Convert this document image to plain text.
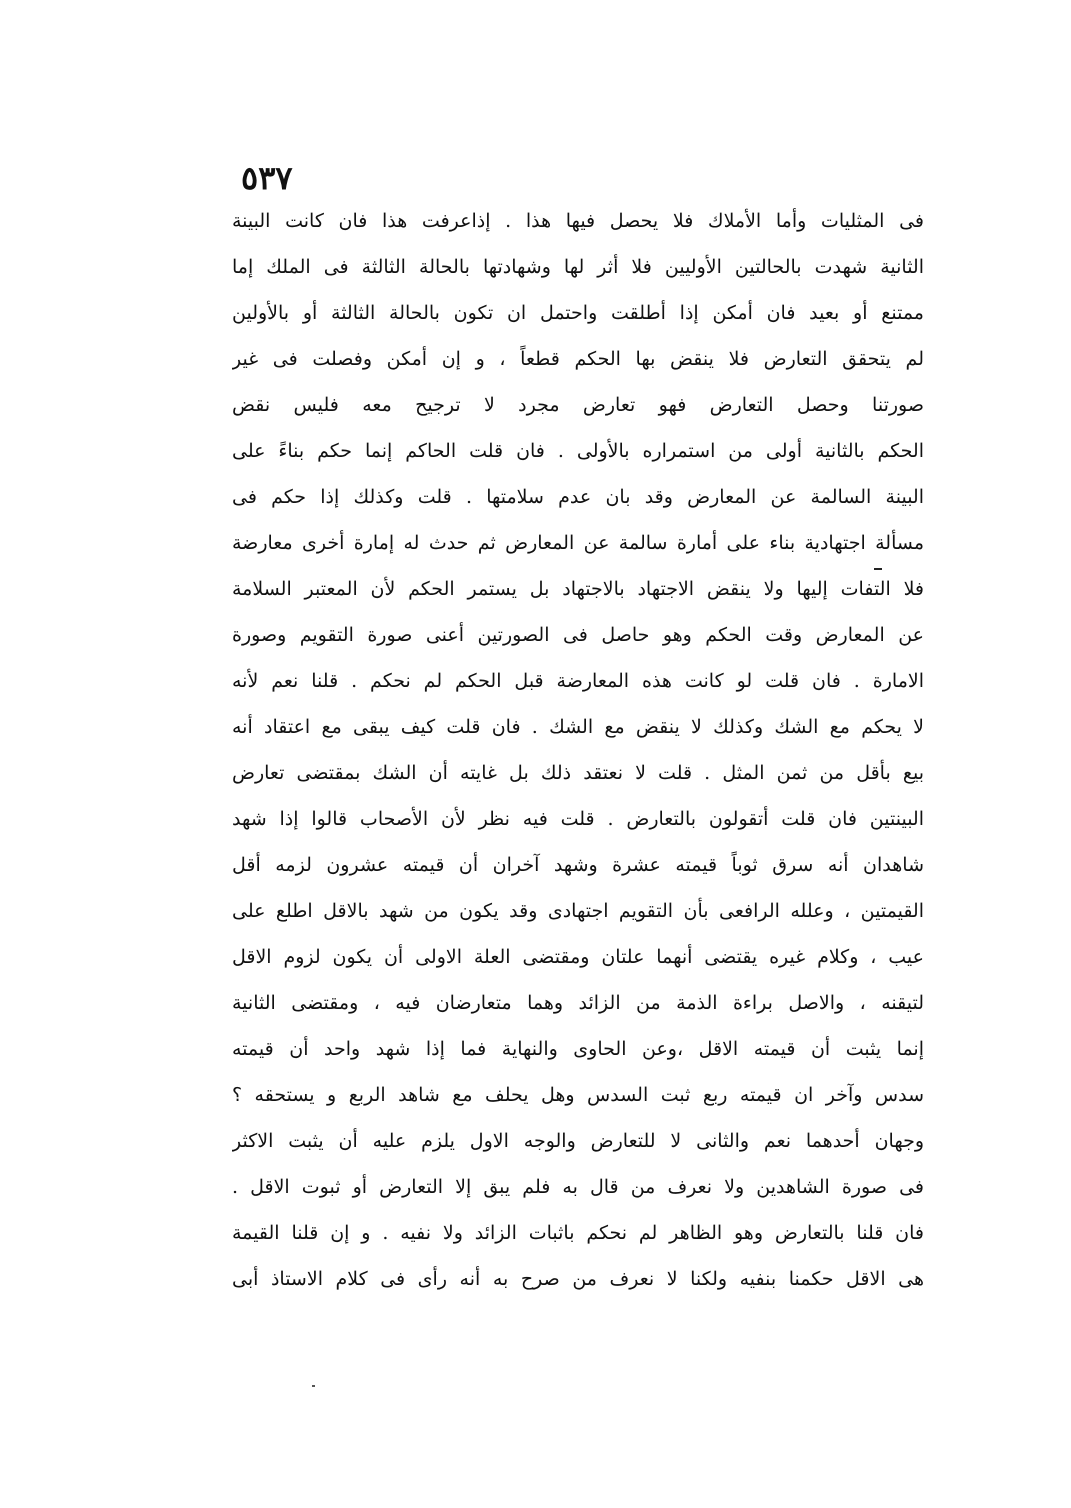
٥٣٧
فى المثليات وأما الأملاك فلا يحصل فيها هذا . إذاعرفت هذا فان كانت البينة
الثانية شهدت بالحالتين الأوليين فلا أثر لها وشهادتها بالحالة الثالثة فى الملك إما
ممتنع أو بعيد فان أمكن إذا أطلقت واحتمل ان تكون بالحالة الثالثة أو بالأولين
لم يتحقق التعارض فلا ينقض بها الحكم قطعاً ، و إن أمكن وفصلت فى غير
صورتنا وحصل التعارض فهو تعارض مجرد لا ترجيح معه فليس نقض
الحكم بالثانية أولى من استمراره بالأولى . فان قلت الحاكم إنما حكم بناءً على
البينة السالمة عن المعارض وقد بان عدم سلامتها . قلت وكذلك إذا حكم فى
مسألة اجتهادية بناء على أمارة سالمة عن المعارض ثم حدث له إمارة أخرى معارضة
فلا التفات إليها ولا ينقض الاجتهاد بالاجتهاد بل يستمر الحكم لأن المعتبر السلامة
عن المعارض وقت الحكم وهو حاصل فى الصورتين أعنى صورة التقويم وصورة
الامارة . فان قلت لو كانت هذه المعارضة قبل الحكم لم نحكم . قلنا نعم لأنه
لا يحكم مع الشك وكذلك لا ينقض مع الشك . فان قلت كيف يبقى مع اعتقاد أنه
بيع بأقل من ثمن المثل . قلت لا نعتقد ذلك بل غايته أن الشك بمقتضى تعارض
البينتين فان قلت أتقولون بالتعارض . قلت فيه نظر لأن الأصحاب قالوا إذا شهد
شاهدان أنه سرق ثوباً قيمته عشرة وشهد آخران أن قيمته عشرون لزمه أقل
القيمتين ، وعلله الرافعى بأن التقويم اجتهادى وقد يكون من شهد بالاقل اطلع على
عيب ، وكلام غيره يقتضى أنهما علتان ومقتضى العلة الاولى أن يكون لزوم الاقل
لتيقنه ، والاصل براءة الذمة من الزائد وهما متعارضان فيه ، ومقتضى الثانية
إنما يثبت أن قيمته الاقل ،وعن الحاوى والنهاية فما إذا شهد واحد أن قيمته
سدس وآخر ان قيمته ربع ثبت السدس وهل يحلف مع شاهد الربع و يستحقه ؟
وجهان أحدهما نعم والثانى لا للتعارض والوجه الاول يلزم عليه أن يثبت الاكثر
فى صورة الشاهدين ولا نعرف من قال به فلم يبق إلا التعارض أو ثبوت الاقل .
فان قلنا بالتعارض وهو الظاهر لم نحكم باثبات الزائد ولا نفيه . و إن قلنا القيمة
هى الاقل حكمنا بنفيه ولكنا لا نعرف من صرح به أنه رأى فى كلام الاستاذ أبى
